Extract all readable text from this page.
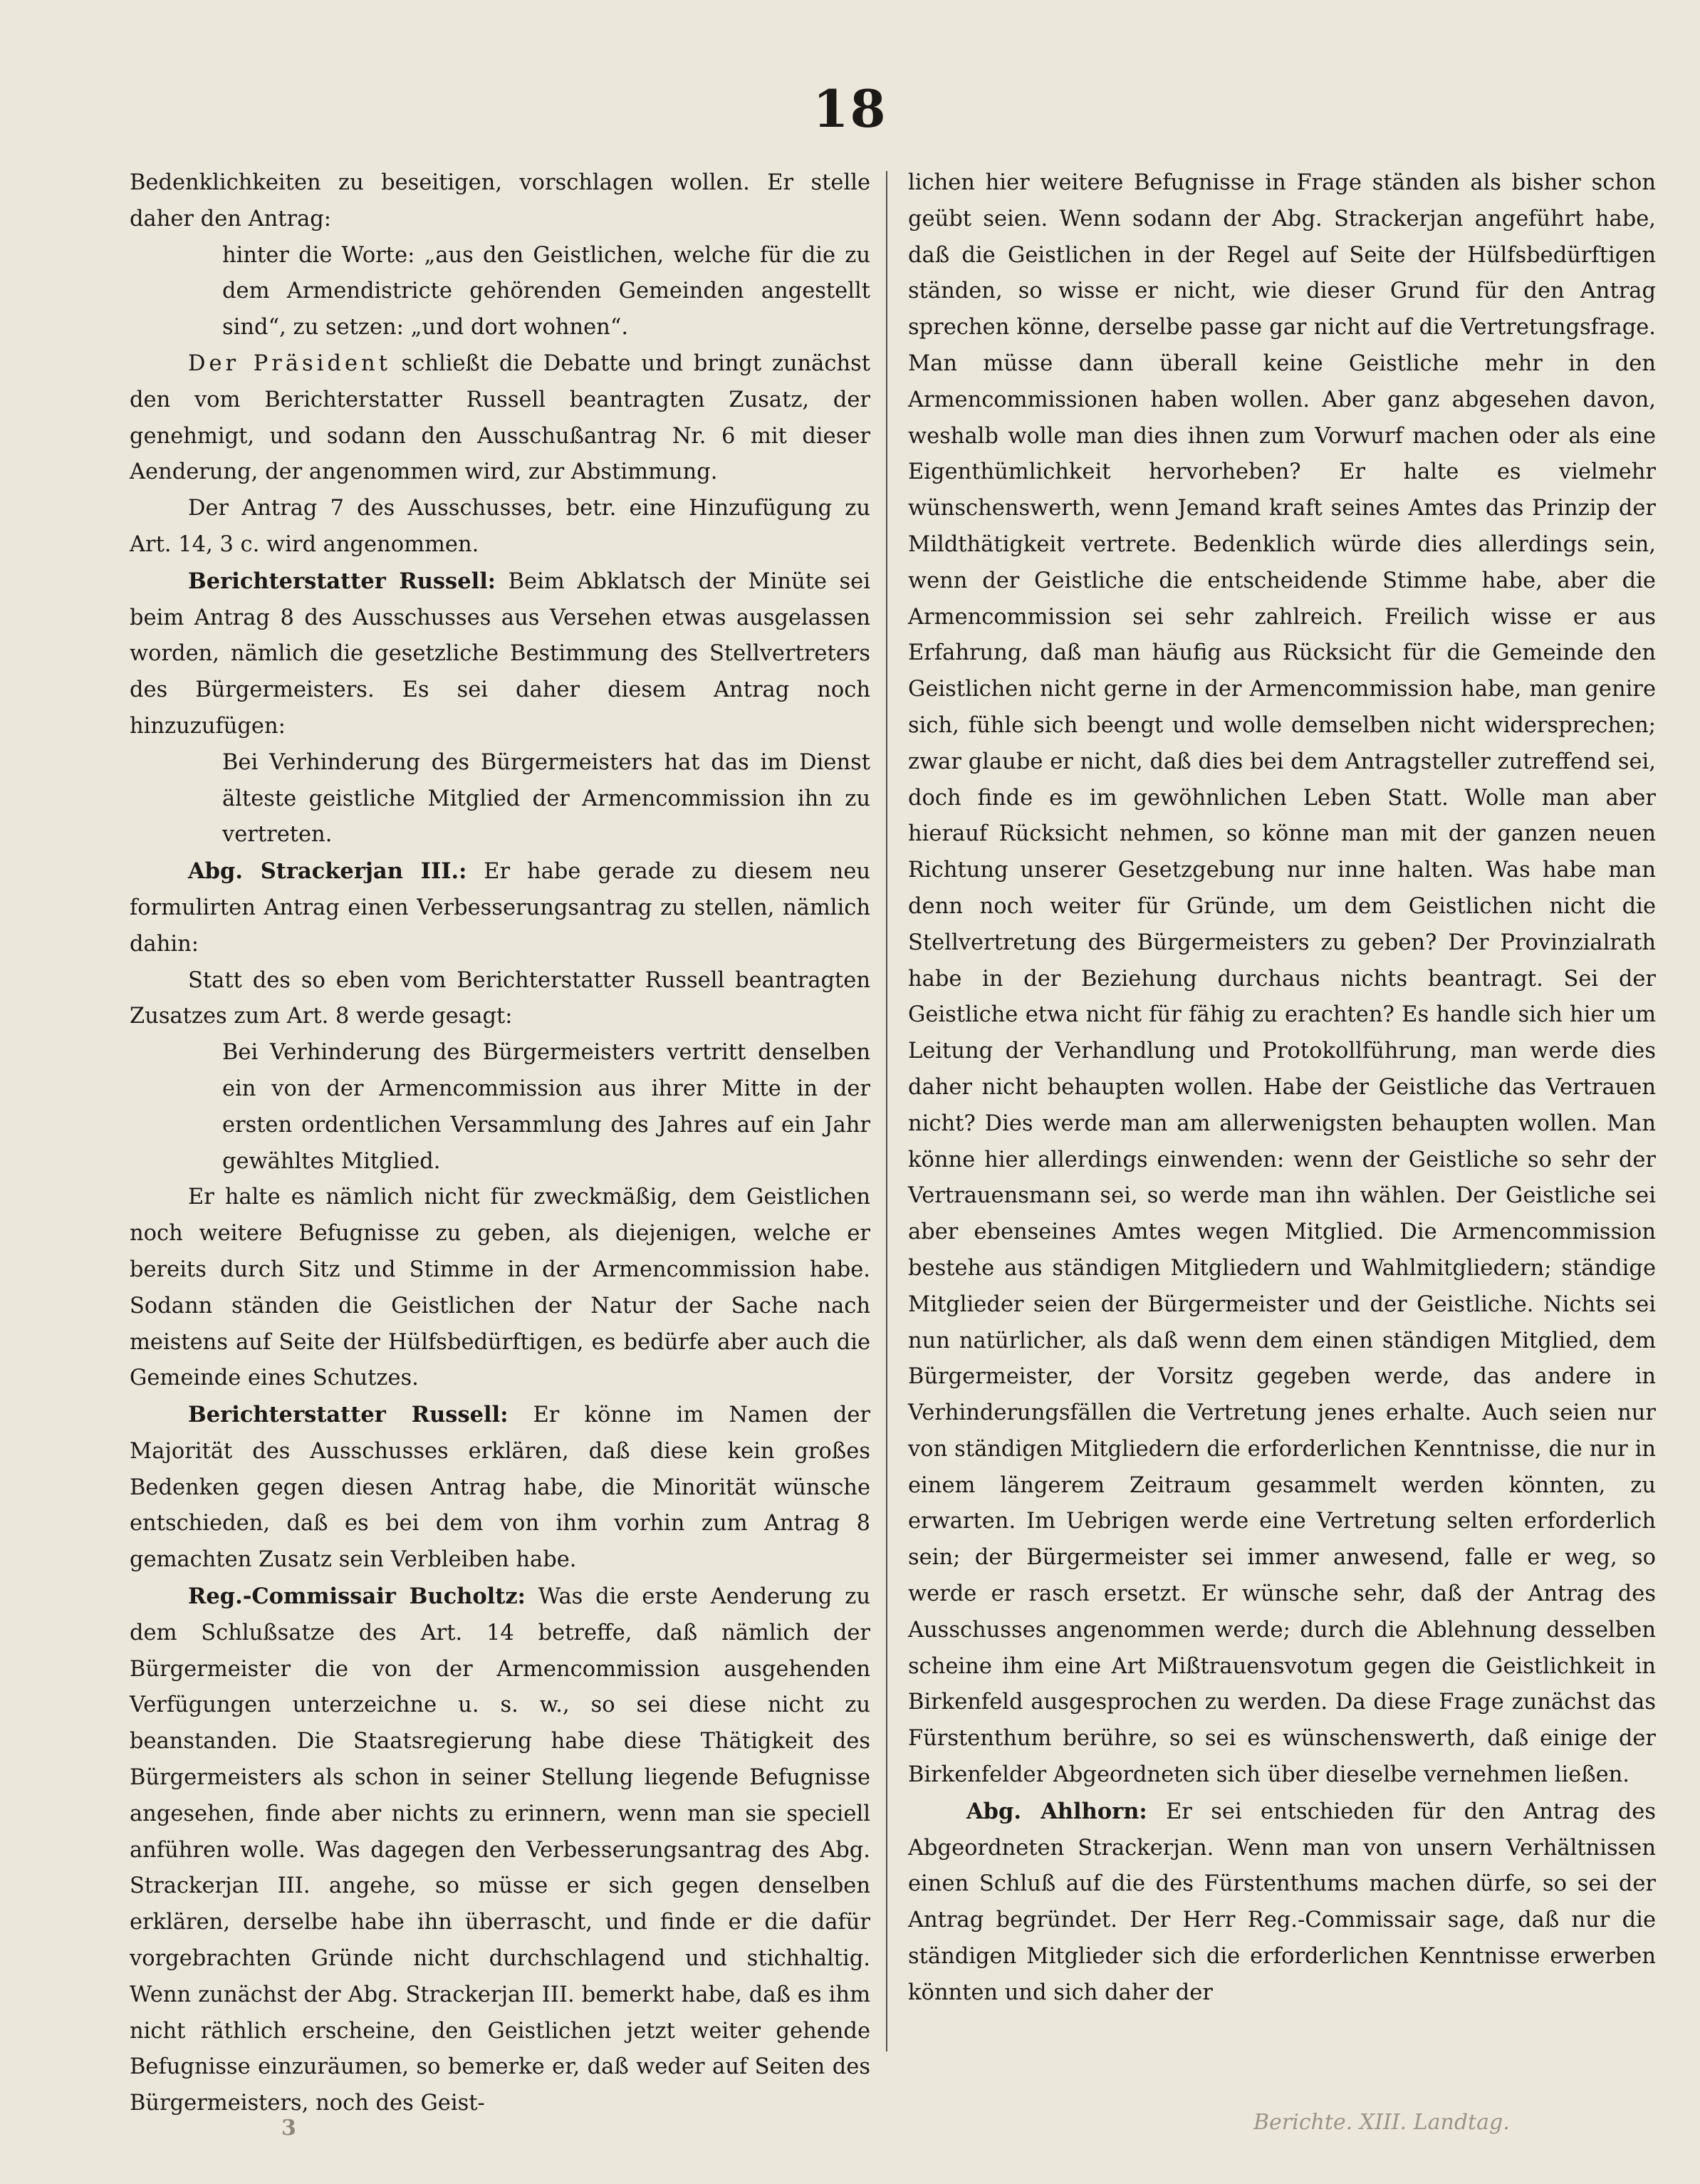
18

Bedenklichkeiten zu beseitigen, vorschlagen wollen. Er stelle daher den Antrag:

hinter die Worte: „aus den Geistlichen, welche für die zu dem Armendistricte gehörenden Gemeinden angestellt sind“, zu setzen: „und dort wohnen“.

Der Präsident schließt die Debatte und bringt zunächst den vom Berichterstatter Russell beantragten Zusatz, der genehmigt, und sodann den Ausschußantrag Nr. 6 mit dieser Aenderung, der angenommen wird, zur Abstimmung.

Der Antrag 7 des Ausschusses, betr. eine Hinzufügung zu Art. 14, 3 c. wird angenommen.

Berichterstatter Russell: Beim Abklatsch der Minüte sei beim Antrag 8 des Ausschusses aus Versehen etwas ausgelassen worden, nämlich die gesetzliche Bestimmung des Stellvertreters des Bürgermeisters. Es sei daher diesem Antrag noch hinzuzufügen:

Bei Verhinderung des Bürgermeisters hat das im Dienst älteste geistliche Mitglied der Armencommission ihn zu vertreten.

Abg. Strackerjan III.: Er habe gerade zu diesem neu formulirten Antrag einen Verbesserungsantrag zu stellen, nämlich dahin:

Statt des so eben vom Berichterstatter Russell beantragten Zusatzes zum Art. 8 werde gesagt:

Bei Verhinderung des Bürgermeisters vertritt denselben ein von der Armencommission aus ihrer Mitte in der ersten ordentlichen Versammlung des Jahres auf ein Jahr gewähltes Mitglied.

Er halte es nämlich nicht für zweckmäßig, dem Geistlichen noch weitere Befugnisse zu geben, als diejenigen, welche er bereits durch Sitz und Stimme in der Armencommission habe. Sodann ständen die Geistlichen der Natur der Sache nach meistens auf Seite der Hülfsbedürftigen, es bedürfe aber auch die Gemeinde eines Schutzes.

Berichterstatter Russell: Er könne im Namen der Majorität des Ausschusses erklären, daß diese kein großes Bedenken gegen diesen Antrag habe, die Minorität wünsche entschieden, daß es bei dem von ihm vorhin zum Antrag 8 gemachten Zusatz sein Verbleiben habe.

Reg.-Commissair Bucholtz: Was die erste Aenderung zu dem Schlußsatze des Art. 14 betreffe, daß nämlich der Bürgermeister die von der Armencommission ausgehenden Verfügungen unterzeichne u. s. w., so sei diese nicht zu beanstanden. Die Staatsregierung habe diese Thätigkeit des Bürgermeisters als schon in seiner Stellung liegende Befugnisse angesehen, finde aber nichts zu erinnern, wenn man sie speciell anführen wolle. Was dagegen den Verbesserungsantrag des Abg. Strackerjan III. angehe, so müsse er sich gegen denselben erklären, derselbe habe ihn überrascht, und finde er die dafür vorgebrachten Gründe nicht durchschlagend und stichhaltig. Wenn zunächst der Abg. Strackerjan III. bemerkt habe, daß es ihm nicht räthlich erscheine, den Geistlichen jetzt weiter gehende Befugnisse einzuräumen, so bemerke er, daß weder auf Seiten des Bürgermeisters, noch des Geist-

lichen hier weitere Befugnisse in Frage ständen als bisher schon geübt seien. Wenn sodann der Abg. Strackerjan angeführt habe, daß die Geistlichen in der Regel auf Seite der Hülfsbedürftigen ständen, so wisse er nicht, wie dieser Grund für den Antrag sprechen könne, derselbe passe gar nicht auf die Vertretungsfrage. Man müsse dann überall keine Geistliche mehr in den Armencommissionen haben wollen. Aber ganz abgesehen davon, weshalb wolle man dies ihnen zum Vorwurf machen oder als eine Eigenthümlichkeit hervorheben? Er halte es vielmehr wünschenswerth, wenn Jemand kraft seines Amtes das Prinzip der Mildthätigkeit vertrete. Bedenklich würde dies allerdings sein, wenn der Geistliche die entscheidende Stimme habe, aber die Armencommission sei sehr zahlreich. Freilich wisse er aus Erfahrung, daß man häufig aus Rücksicht für die Gemeinde den Geistlichen nicht gerne in der Armencommission habe, man genire sich, fühle sich beengt und wolle demselben nicht widersprechen; zwar glaube er nicht, daß dies bei dem Antragsteller zutreffend sei, doch finde es im gewöhnlichen Leben Statt. Wolle man aber hierauf Rücksicht nehmen, so könne man mit der ganzen neuen Richtung unserer Gesetzgebung nur inne halten. Was habe man denn noch weiter für Gründe, um dem Geistlichen nicht die Stellvertretung des Bürgermeisters zu geben? Der Provinzialrath habe in der Beziehung durchaus nichts beantragt. Sei der Geistliche etwa nicht für fähig zu erachten? Es handle sich hier um Leitung der Verhandlung und Protokollführung, man werde dies daher nicht behaupten wollen. Habe der Geistliche das Vertrauen nicht? Dies werde man am allerwenigsten behaupten wollen. Man könne hier allerdings einwenden: wenn der Geistliche so sehr der Vertrauensmann sei, so werde man ihn wählen. Der Geistliche sei aber ebenseines Amtes wegen Mitglied. Die Armencommission bestehe aus ständigen Mitgliedern und Wahlmitgliedern; ständige Mitglieder seien der Bürgermeister und der Geistliche. Nichts sei nun natürlicher, als daß wenn dem einen ständigen Mitglied, dem Bürgermeister, der Vorsitz gegeben werde, das andere in Verhinderungsfällen die Vertretung jenes erhalte. Auch seien nur von ständigen Mitgliedern die erforderlichen Kenntnisse, die nur in einem längerem Zeitraum gesammelt werden könnten, zu erwarten. Im Uebrigen werde eine Vertretung selten erforderlich sein; der Bürgermeister sei immer anwesend, falle er weg, so werde er rasch ersetzt. Er wünsche sehr, daß der Antrag des Ausschusses angenommen werde; durch die Ablehnung desselben scheine ihm eine Art Mißtrauensvotum gegen die Geistlichkeit in Birkenfeld ausgesprochen zu werden. Da diese Frage zunächst das Fürstenthum berühre, so sei es wünschenswerth, daß einige der Birkenfelder Abgeordneten sich über dieselbe vernehmen ließen.

Abg. Ahlhorn: Er sei entschieden für den Antrag des Abgeordneten Strackerjan. Wenn man von unsern Verhältnissen einen Schluß auf die des Fürstenthums machen dürfe, so sei der Antrag begründet. Der Herr Reg.-Commissair sage, daß nur die ständigen Mitglieder sich die erforderlichen Kenntnisse erwerben könnten und sich daher der

3	Berichte. XIII. Landtag.
